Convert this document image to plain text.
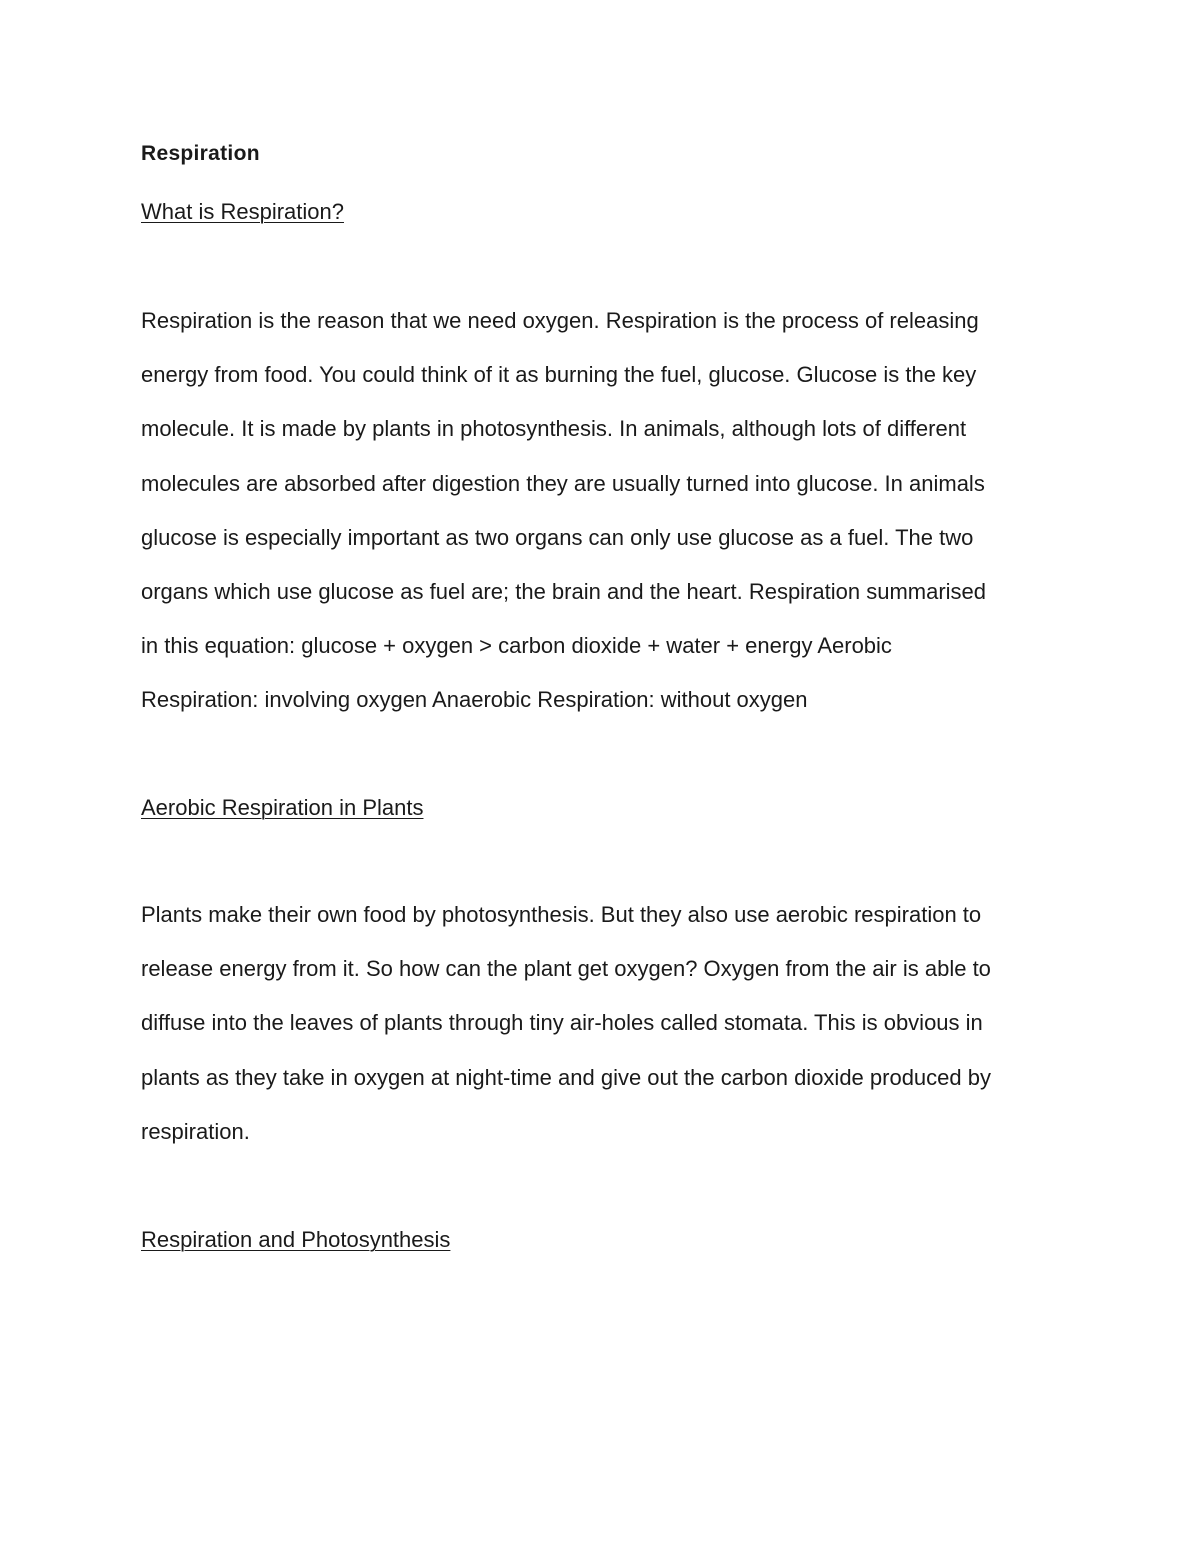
Respiration
What is Respiration?
Respiration is the reason that we need oxygen. Respiration is the process of releasing
energy from food. You could think of it as burning the fuel, glucose. Glucose is the key
molecule. It is made by plants in photosynthesis. In animals, although lots of different
molecules are absorbed after digestion they are usually turned into glucose. In animals
glucose is especially important as two organs can only use glucose as a fuel. The two
organs which use glucose as fuel are; the brain and the heart. Respiration summarised
in this equation: glucose + oxygen > carbon dioxide + water + energy Aerobic
Respiration: involving oxygen Anaerobic Respiration: without oxygen
Aerobic Respiration in Plants
Plants make their own food by photosynthesis. But they also use aerobic respiration to
release energy from it. So how can the plant get oxygen? Oxygen from the air is able to
diffuse into the leaves of plants through tiny air-holes called stomata. This is obvious in
plants as they take in oxygen at night-time and give out the carbon dioxide produced by
respiration.
Respiration and Photosynthesis
